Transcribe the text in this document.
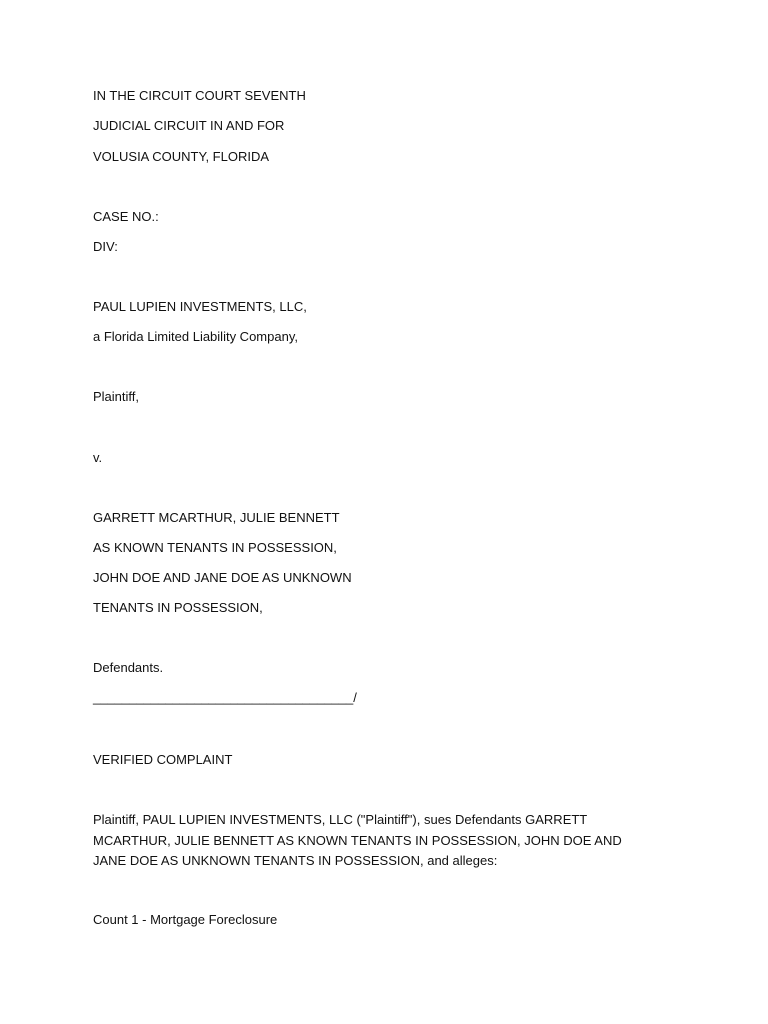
IN THE CIRCUIT COURT SEVENTH
JUDICIAL CIRCUIT IN AND FOR
VOLUSIA COUNTY, FLORIDA
CASE NO.:
DIV:
PAUL LUPIEN INVESTMENTS, LLC,
a Florida Limited Liability Company,
Plaintiff,
v.
GARRETT MCARTHUR, JULIE BENNETT
AS KNOWN TENANTS IN POSSESSION,
JOHN DOE AND JANE DOE AS UNKNOWN
TENANTS IN POSSESSION,
Defendants.
____________________________________/
VERIFIED COMPLAINT
Plaintiff, PAUL LUPIEN INVESTMENTS, LLC ("Plaintiff"), sues Defendants GARRETT MCARTHUR, JULIE BENNETT AS KNOWN TENANTS IN POSSESSION, JOHN DOE AND JANE DOE AS UNKNOWN TENANTS IN POSSESSION, and alleges:
Count 1 - Mortgage Foreclosure
